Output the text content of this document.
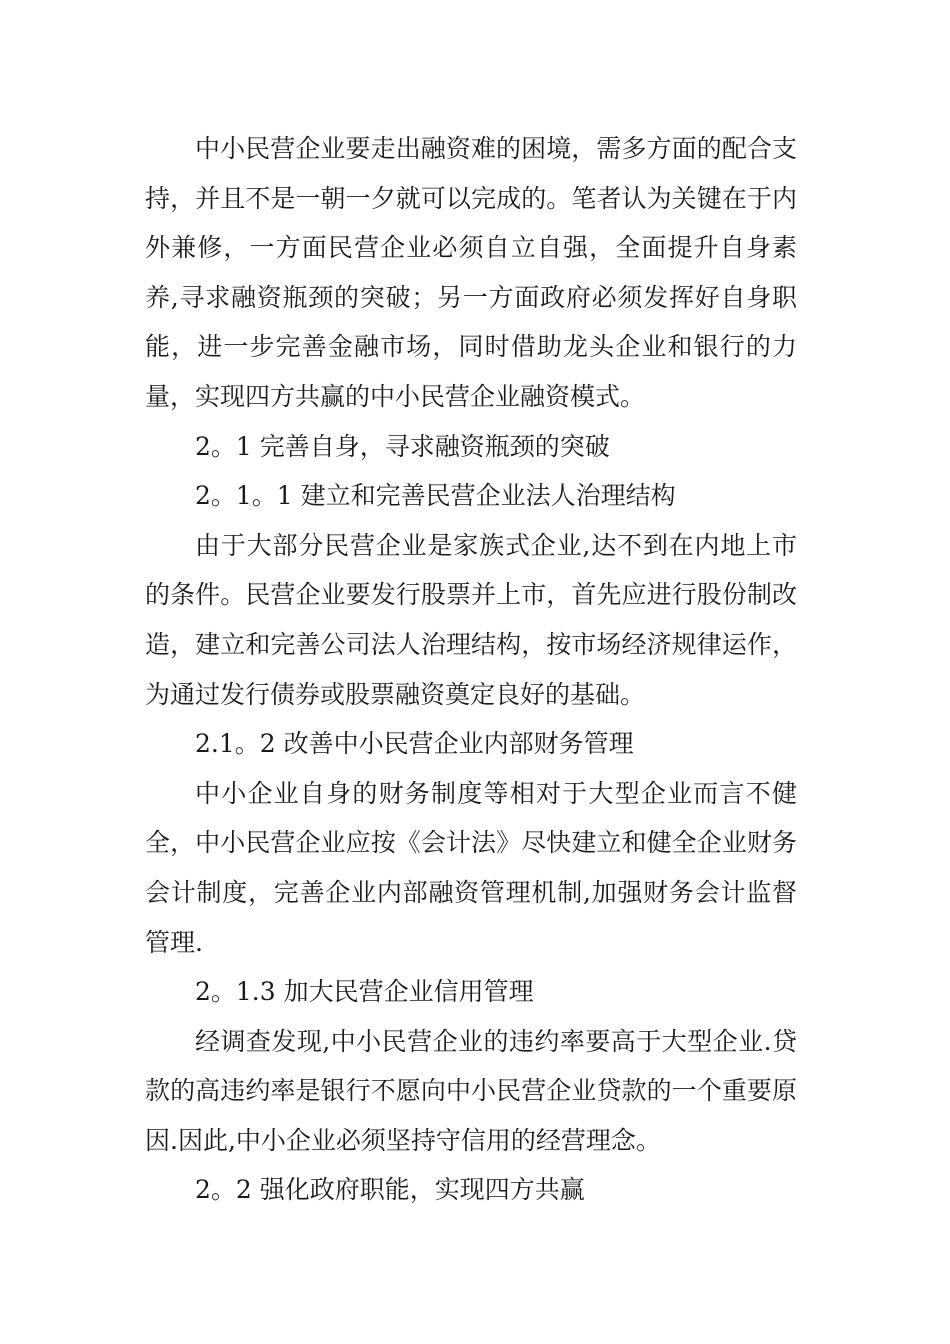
中小民营企业要走出融资难的困境，需多方面的配合支持，并且不是一朝一夕就可以完成的。笔者认为关键在于内外兼修，一方面民营企业必须自立自强，全面提升自身素养,寻求融资瓶颈的突破；另一方面政府必须发挥好自身职能，进一步完善金融市场，同时借助龙头企业和银行的力量，实现四方共赢的中小民营企业融资模式。

2。1 完善自身，寻求融资瓶颈的突破

2。1。1 建立和完善民营企业法人治理结构

由于大部分民营企业是家族式企业,达不到在内地上市的条件。民营企业要发行股票并上市，首先应进行股份制改造，建立和完善公司法人治理结构，按市场经济规律运作，为通过发行债券或股票融资奠定良好的基础。

2.1。2 改善中小民营企业内部财务管理

中小企业自身的财务制度等相对于大型企业而言不健全，中小民营企业应按《会计法》尽快建立和健全企业财务会计制度，完善企业内部融资管理机制,加强财务会计监督管理.

2。1.3 加大民营企业信用管理

经调查发现,中小民营企业的违约率要高于大型企业.贷款的高违约率是银行不愿向中小民营企业贷款的一个重要原因.因此,中小企业必须坚持守信用的经营理念。

2。2 强化政府职能，实现四方共赢
